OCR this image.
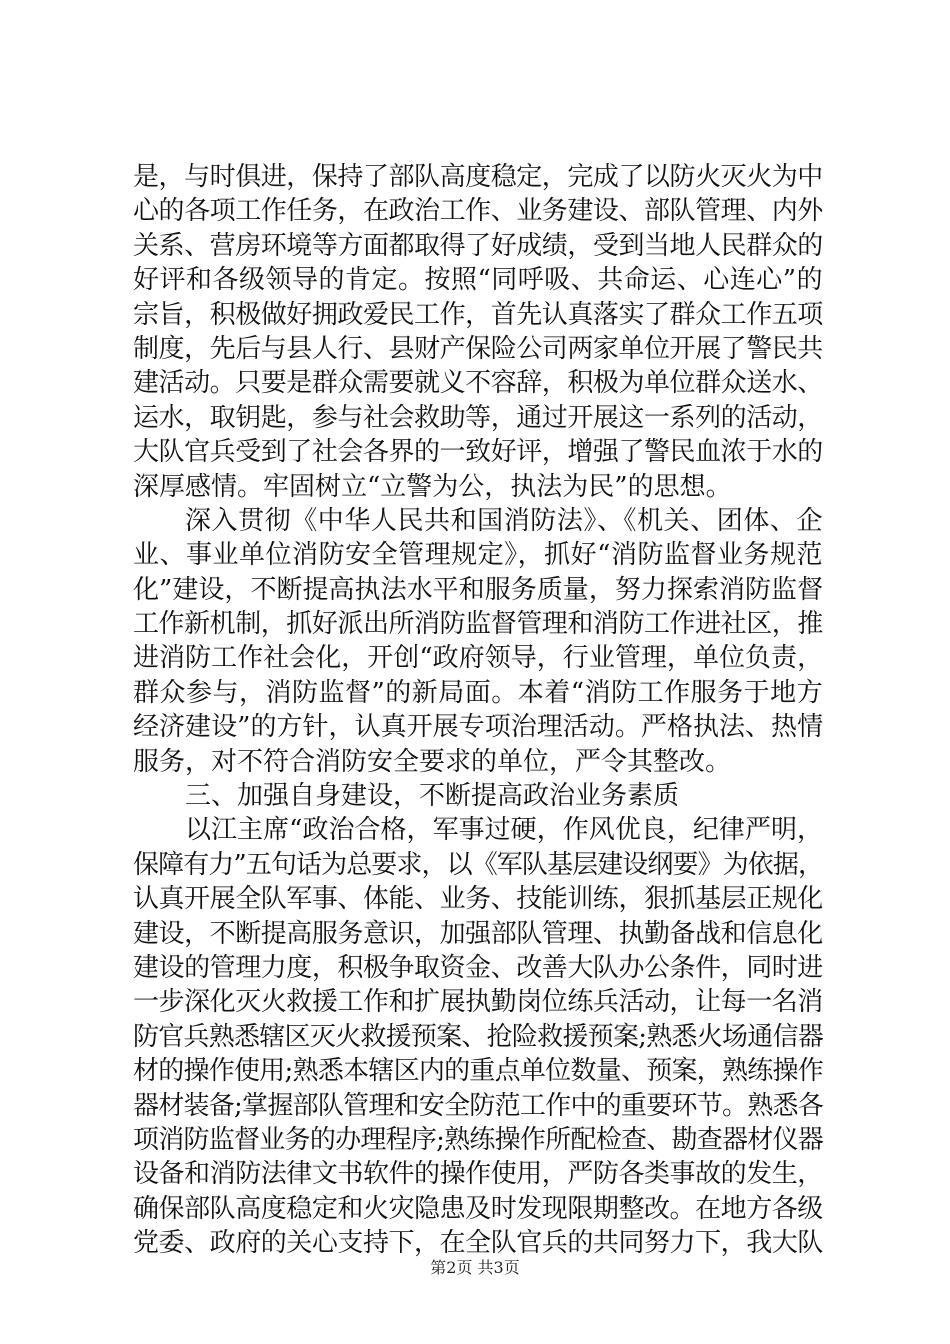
是，与时俱进，保持了部队高度稳定，完成了以防火灭火为中
心的各项工作任务，在政治工作、业务建设、部队管理、内外
关系、营房环境等方面都取得了好成绩，受到当地人民群众的
好评和各级领导的肯定。按照“同呼吸、共命运、心连心”的
宗旨，积极做好拥政爱民工作，首先认真落实了群众工作五项
制度，先后与县人行、县财产保险公司两家单位开展了警民共
建活动。只要是群众需要就义不容辞，积极为单位群众送水、
运水，取钥匙，参与社会救助等，通过开展这一系列的活动，
大队官兵受到了社会各界的一致好评，增强了警民血浓于水的
深厚感情。牢固树立“立警为公，执法为民”的思想。
深入贯彻《中华人民共和国消防法》、《机关、团体、企
业、事业单位消防安全管理规定》，抓好“消防监督业务规范
化”建设，不断提高执法水平和服务质量，努力探索消防监督
工作新机制，抓好派出所消防监督管理和消防工作进社区，推
进消防工作社会化，开创“政府领导，行业管理，单位负责，
群众参与，消防监督”的新局面。本着“消防工作服务于地方
经济建设”的方针，认真开展专项治理活动。严格执法、热情
服务，对不符合消防安全要求的单位，严令其整改。
三、加强自身建设，不断提高政治业务素质
以江主席“政治合格，军事过硬，作风优良，纪律严明，
保障有力”五句话为总要求，以《军队基层建设纲要》为依据，
认真开展全队军事、体能、业务、技能训练，狠抓基层正规化
建设，不断提高服务意识，加强部队管理、执勤备战和信息化
建设的管理力度，积极争取资金、改善大队办公条件，同时进
一步深化灭火救援工作和扩展执勤岗位练兵活动，让每一名消
防官兵熟悉辖区灭火救援预案、抢险救援预案;熟悉火场通信器
材的操作使用;熟悉本辖区内的重点单位数量、预案，熟练操作
器材装备;掌握部队管理和安全防范工作中的重要环节。熟悉各
项消防监督业务的办理程序;熟练操作所配检查、勘查器材仪器
设备和消防法律文书软件的操作使用，严防各类事故的发生，
确保部队高度稳定和火灾隐患及时发现限期整改。在地方各级
党委、政府的关心支持下，在全队官兵的共同努力下，我大队
第2页 共3页
